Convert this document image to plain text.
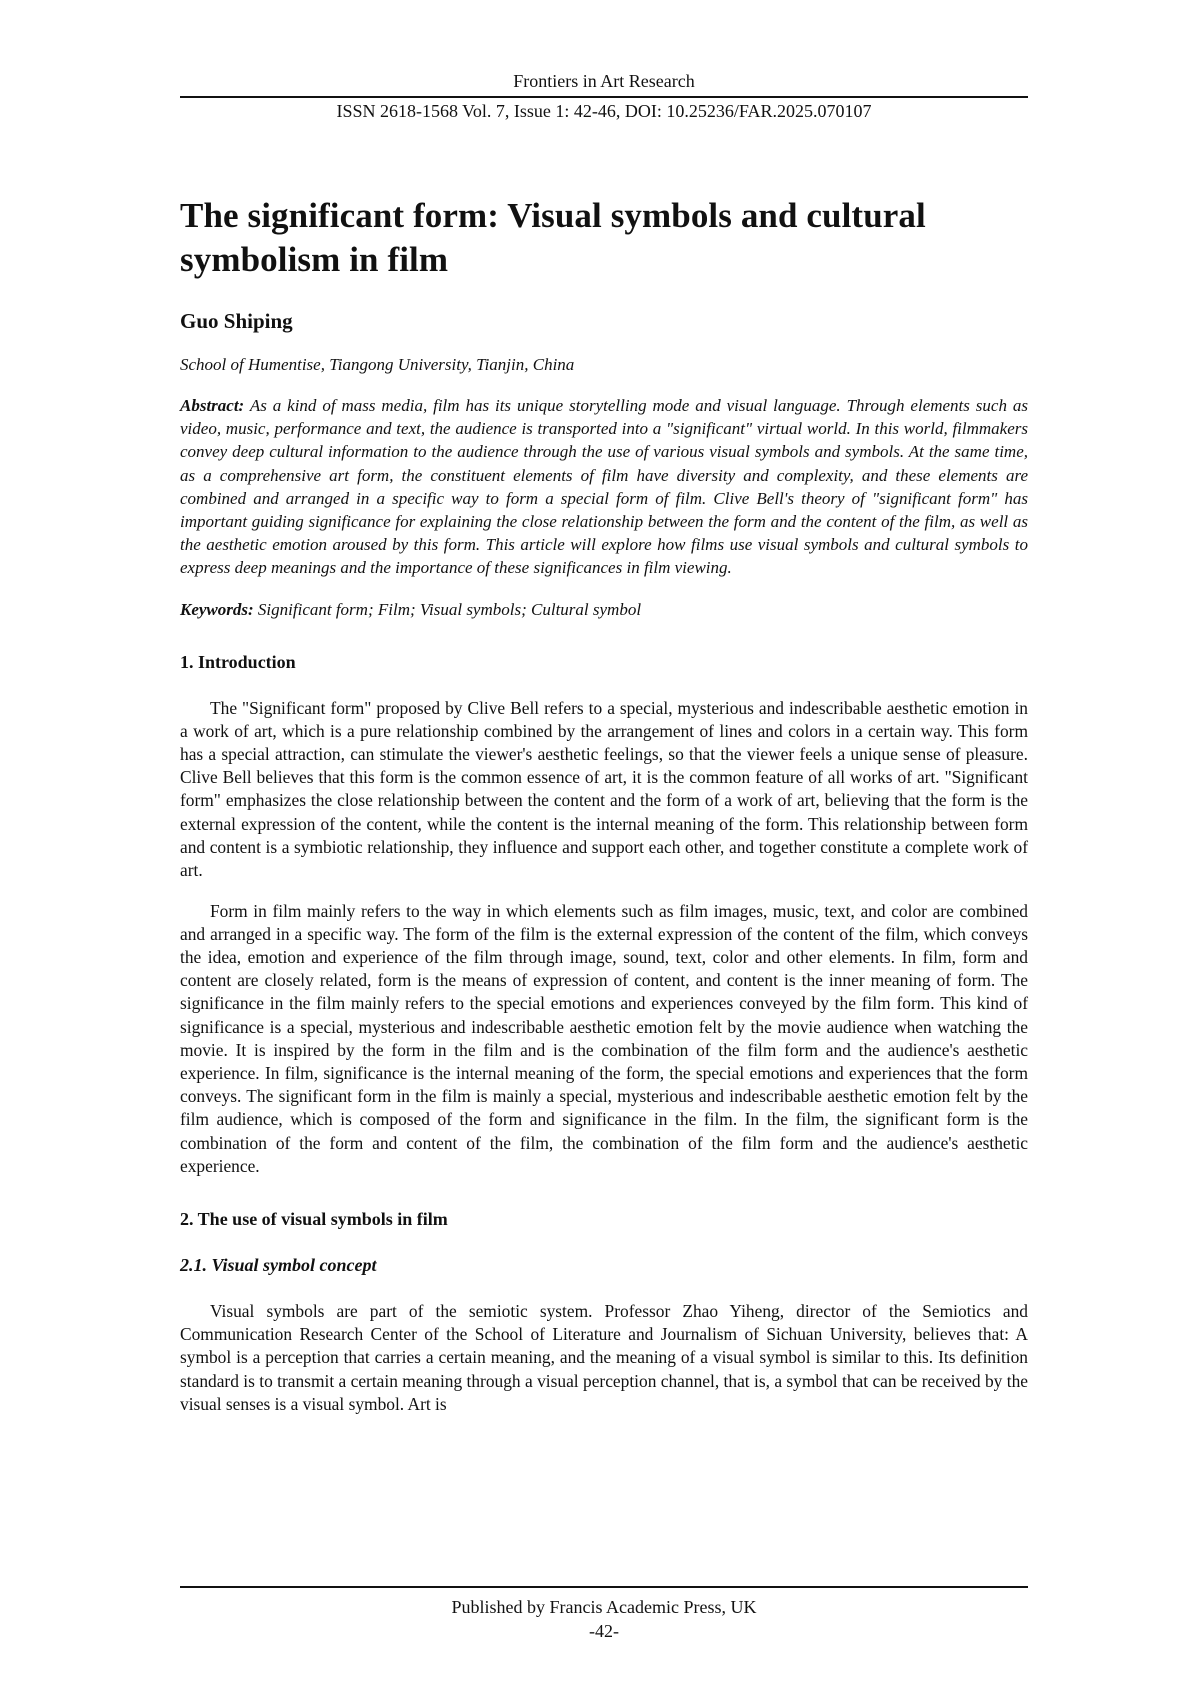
Frontiers in Art Research
ISSN 2618-1568 Vol. 7, Issue 1: 42-46, DOI: 10.25236/FAR.2025.070107
The significant form: Visual symbols and cultural symbolism in film
Guo Shiping
School of Humentise, Tiangong University, Tianjin, China
Abstract: As a kind of mass media, film has its unique storytelling mode and visual language. Through elements such as video, music, performance and text, the audience is transported into a "significant" virtual world. In this world, filmmakers convey deep cultural information to the audience through the use of various visual symbols and symbols. At the same time, as a comprehensive art form, the constituent elements of film have diversity and complexity, and these elements are combined and arranged in a specific way to form a special form of film. Clive Bell's theory of "significant form" has important guiding significance for explaining the close relationship between the form and the content of the film, as well as the aesthetic emotion aroused by this form. This article will explore how films use visual symbols and cultural symbols to express deep meanings and the importance of these significances in film viewing.
Keywords: Significant form; Film; Visual symbols; Cultural symbol
1. Introduction

The "Significant form" proposed by Clive Bell refers to a special, mysterious and indescribable aesthetic emotion in a work of art, which is a pure relationship combined by the arrangement of lines and colors in a certain way. This form has a special attraction, can stimulate the viewer's aesthetic feelings, so that the viewer feels a unique sense of pleasure. Clive Bell believes that this form is the common essence of art, it is the common feature of all works of art. "Significant form" emphasizes the close relationship between the content and the form of a work of art, believing that the form is the external expression of the content, while the content is the internal meaning of the form. This relationship between form and content is a symbiotic relationship, they influence and support each other, and together constitute a complete work of art.

Form in film mainly refers to the way in which elements such as film images, music, text, and color are combined and arranged in a specific way. The form of the film is the external expression of the content of the film, which conveys the idea, emotion and experience of the film through image, sound, text, color and other elements. In film, form and content are closely related, form is the means of expression of content, and content is the inner meaning of form. The significance in the film mainly refers to the special emotions and experiences conveyed by the film form. This kind of significance is a special, mysterious and indescribable aesthetic emotion felt by the movie audience when watching the movie. It is inspired by the form in the film and is the combination of the film form and the audience's aesthetic experience. In film, significance is the internal meaning of the form, the special emotions and experiences that the form conveys. The significant form in the film is mainly a special, mysterious and indescribable aesthetic emotion felt by the film audience, which is composed of the form and significance in the film. In the film, the significant form is the combination of the form and content of the film, the combination of the film form and the audience's aesthetic experience.

2. The use of visual symbols in film
2.1. Visual symbol concept

Visual symbols are part of the semiotic system. Professor Zhao Yiheng, director of the Semiotics and Communication Research Center of the School of Literature and Journalism of Sichuan University, believes that: A symbol is a perception that carries a certain meaning, and the meaning of a visual symbol is similar to this. Its definition standard is to transmit a certain meaning through a visual perception channel, that is, a symbol that can be received by the visual senses is a visual symbol. Art is

Published by Francis Academic Press, UK
-42-
